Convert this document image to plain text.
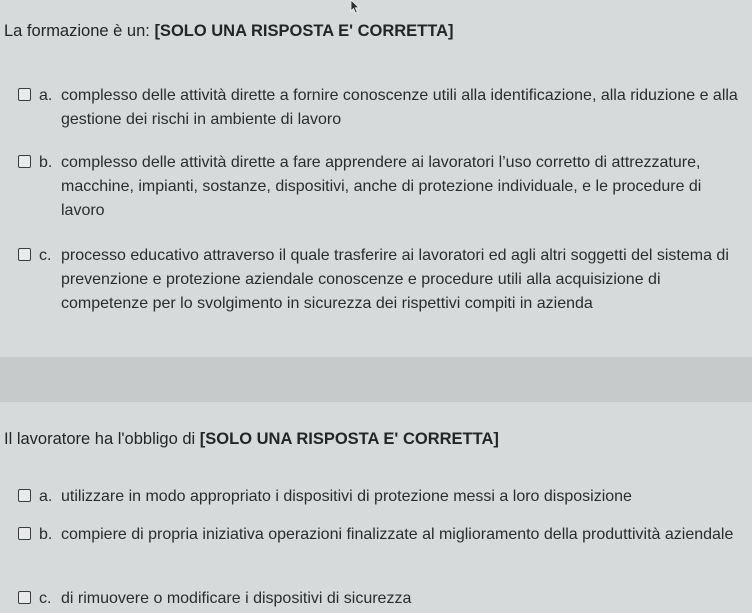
La formazione è un: [SOLO UNA RISPOSTA E' CORRETTA]
a. complesso delle attività dirette a fornire conoscenze utili alla identificazione, alla riduzione e alla gestione dei rischi in ambiente di lavoro
b. complesso delle attività dirette a fare apprendere ai lavoratori l’uso corretto di attrezzature, macchine, impianti, sostanze, dispositivi, anche di protezione individuale, e le procedure di lavoro
c. processo educativo attraverso il quale trasferire ai lavoratori ed agli altri soggetti del sistema di prevenzione e protezione aziendale conoscenze e procedure utili alla acquisizione di competenze per lo svolgimento in sicurezza dei rispettivi compiti in azienda
Il lavoratore ha l'obbligo di [SOLO UNA RISPOSTA E' CORRETTA]
a. utilizzare in modo appropriato i dispositivi di protezione messi a loro disposizione
b. compiere di propria iniziativa operazioni finalizzate al miglioramento della produttività aziendale
c. di rimuovere o modificare i dispositivi di sicurezza
